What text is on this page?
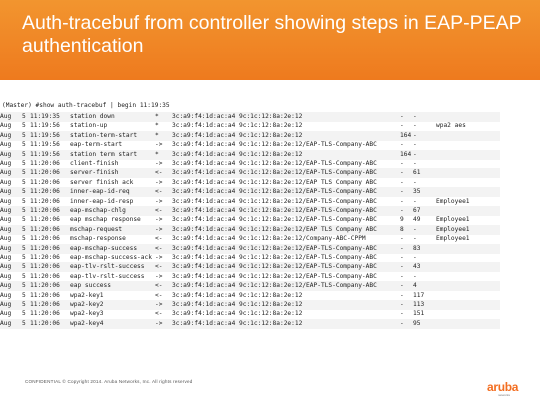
Auth-tracebuf from controller showing steps in EAP-PEAP authentication
(Master) #show auth-tracebuf | begin 11:19:35
Aug	5 11:19:35	station down	*	3c:a9:f4:1d:ac:a4 9c:1c:12:8a:2e:12	-	-
Aug	5 11:19:56	station-up	*	3c:a9:f4:1d:ac:a4 9c:1c:12:8a:2e:12	-	-	wpa2 aes
Aug	5 11:19:56	station-term-start	*	3c:a9:f4:1d:ac:a4 9c:1c:12:8a:2e:12	164 -
Aug	5 11:19:56	eap-term-start	->	3c:a9:f4:1d:ac:a4 9c:1c:12:8a:2e:12/EAP-TLS-Company-ABC	-	-
Aug	5 11:19:56	station term start	*	3c:a9:f4:1d:ac:a4 9c:1c:12:8a:2e:12	164 -
Aug	5 11:20:06	client-finish	->	3c:a9:f4:1d:ac:a4 9c:1c:12:8a:2e:12/EAP-TLS-Company-ABC	-	-
Aug	5 11:20:06	server-finish	<-	3c:a9:f4:1d:ac:a4 9c:1c:12:8a:2e:12/EAP-TLS-Company-ABC	-	61
Aug	5 11:20:06	server finish ack	->	3c:a9:f4:1d:ac:a4 9c:1c:12:8a:2e:12/EAP TLS Company ABC	-	-
Aug	5 11:20:06	inner-eap-id-req	<-	3c:a9:f4:1d:ac:a4 9c:1c:12:8a:2e:12/EAP-TLS-Company-ABC	-	35
Aug	5 11:20:06	inner-eap-id-resp	->	3c:a9:f4:1d:ac:a4 9c:1c:12:8a:2e:12/EAP-TLS-Company-ABC	-	-	Employee1
Aug	5 11:20:06	eap-mschap-chlg	<-	3c:a9:f4:1d:ac:a4 9c:1c:12:8a:2e:12/EAP-TLS-Company-ABC	-	67
Aug	5 11:20:06	eap mschap response	->	3c:a9:f4:1d:ac:a4 9c:1c:12:8a:2e:12/EAP-TLS-Company-ABC	9	49	Employee1
Aug	5 11:20:06	mschap-request	->	3c:a9:f4:1d:ac:a4 9c:1c:12:8a:2e:12/EAP TLS Company ABC	8	-	Employee1
Aug	5 11:20:06	mschap-response	<-	3c:a9:f4:1d:ac:a4 9c:1c:12:8a:2e:12/Company-ABC-CPPM	-	-	Employee1
Aug	5 11:20:06	eap-mschap-success	<-	3c:a9:f4:1d:ac:a4 9c:1c:12:8a:2e:12/EAP-TLS-Company-ABC	-	83
Aug	5 11:20:06	eap-mschap-success-ack ->	3c:a9:f4:1d:ac:a4 9c:1c:12:8a:2e:12/EAP-TLS-Company-ABC	-	-
Aug	5 11:20:06	eap-tlv-rslt-success	<-	3c:a9:f4:1d:ac:a4 9c:1c:12:8a:2e:12/EAP-TLS-Company-ABC	-	43
Aug	5 11:20:06	eap-tlv-rslt-success	->	3c:a9:f4:1d:ac:a4 9c:1c:12:8a:2e:12/EAP-TLS-Company-ABC	-	-
Aug	5 11:20:06	eap success	<-	3c:a9:f4:1d:ac:a4 9c:1c:12:8a:2e:12/EAP-TLS-Company-ABC	-	4
Aug	5 11:20:06	wpa2-key1	<-	3c:a9:f4:1d:ac:a4 9c:1c:12:8a:2e:12	-	117
Aug	5 11:20:06	wpa2-key2	->	3c:a9:f4:1d:ac:a4 9c:1c:12:8a:2e:12	-	113
Aug	5 11:20:06	wpa2-key3	<-	3c:a9:f4:1d:ac:a4 9c:1c:12:8a:2e:12	-	151
Aug	5 11:20:06	wpa2-key4	->	3c:a9:f4:1d:ac:a4 9c:1c:12:8a:2e:12	-	95
CONFIDENTIAL © Copyright 2014. Aruba Networks, Inc. All rights reserved	aruba
networks
